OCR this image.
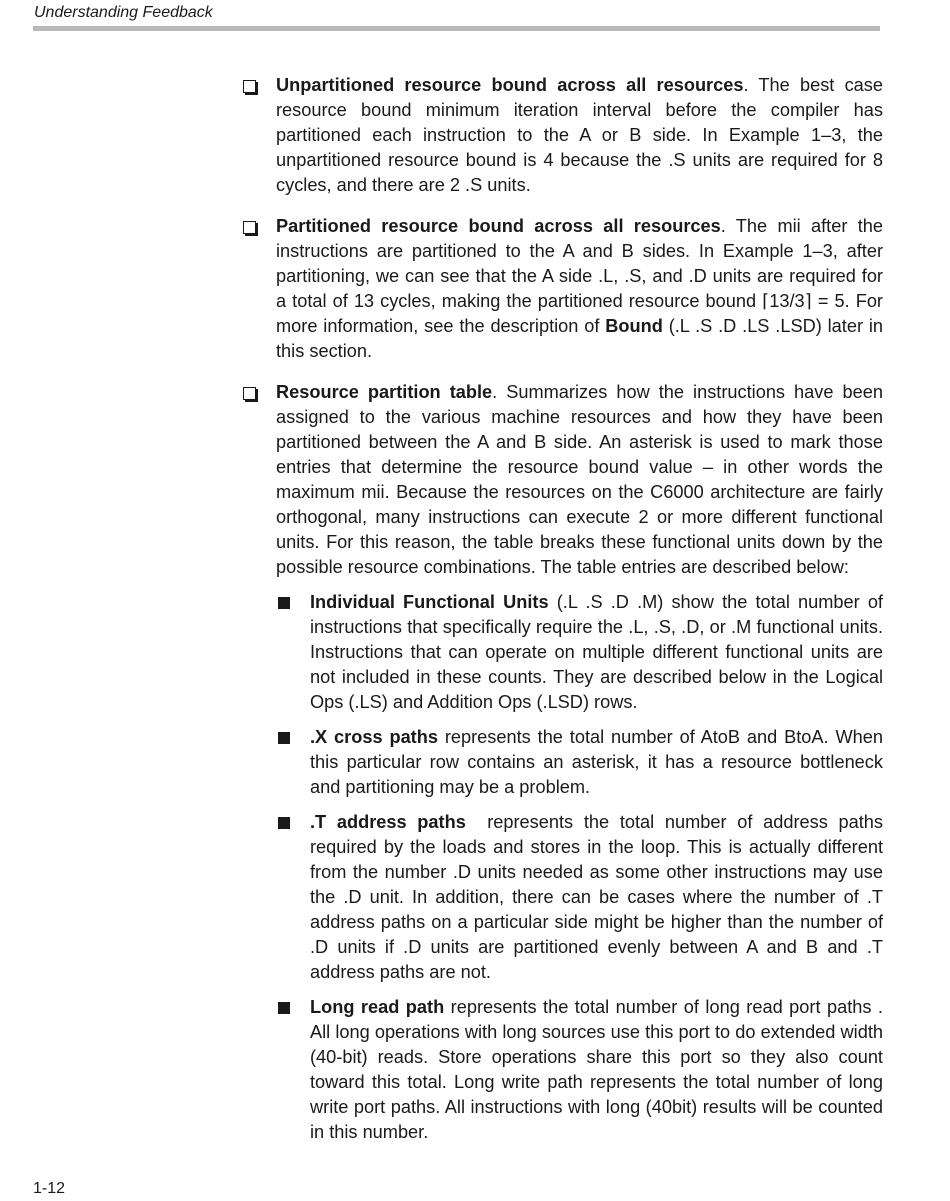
Understanding Feedback
Unpartitioned resource bound across all resources. The best case resource bound minimum iteration interval before the compiler has partitioned each instruction to the A or B side. In Example 1–3, the unpartitioned resource bound is 4 because the .S units are required for 8 cycles, and there are 2 .S units.
Partitioned resource bound across all resources. The mii after the instructions are partitioned to the A and B sides. In Example 1–3, after partitioning, we can see that the A side .L, .S, and .D units are required for a total of 13 cycles, making the partitioned resource bound ⌈13/3⌉ = 5. For more information, see the description of Bound (.L .S .D .LS .LSD) later in this section.
Resource partition table. Summarizes how the instructions have been assigned to the various machine resources and how they have been partitioned between the A and B side. An asterisk is used to mark those entries that determine the resource bound value – in other words the maximum mii. Because the resources on the C6000 architecture are fairly orthogonal, many instructions can execute 2 or more different functional units. For this reason, the table breaks these functional units down by the possible resource combinations. The table entries are described below:
Individual Functional Units (.L .S .D .M) show the total number of instructions that specifically require the .L, .S, .D, or .M functional units. Instructions that can operate on multiple different functional units are not included in these counts. They are described below in the Logical Ops (.LS) and Addition Ops (.LSD) rows.
.X cross paths represents the total number of AtoB and BtoA. When this particular row contains an asterisk, it has a resource bottleneck and partitioning may be a problem.
.T address paths  represents the total number of address paths required by the loads and stores in the loop. This is actually different from the number .D units needed as some other instructions may use the .D unit. In addition, there can be cases where the number of .T address paths on a particular side might be higher than the number of .D units if .D units are partitioned evenly between A and B and .T address paths are not.
Long read path represents the total number of long read port paths . All long operations with long sources use this port to do extended width (40-bit) reads. Store operations share this port so they also count toward this total. Long write path represents the total number of long write port paths. All instructions with long (40bit) results will be counted in this number.
1-12
